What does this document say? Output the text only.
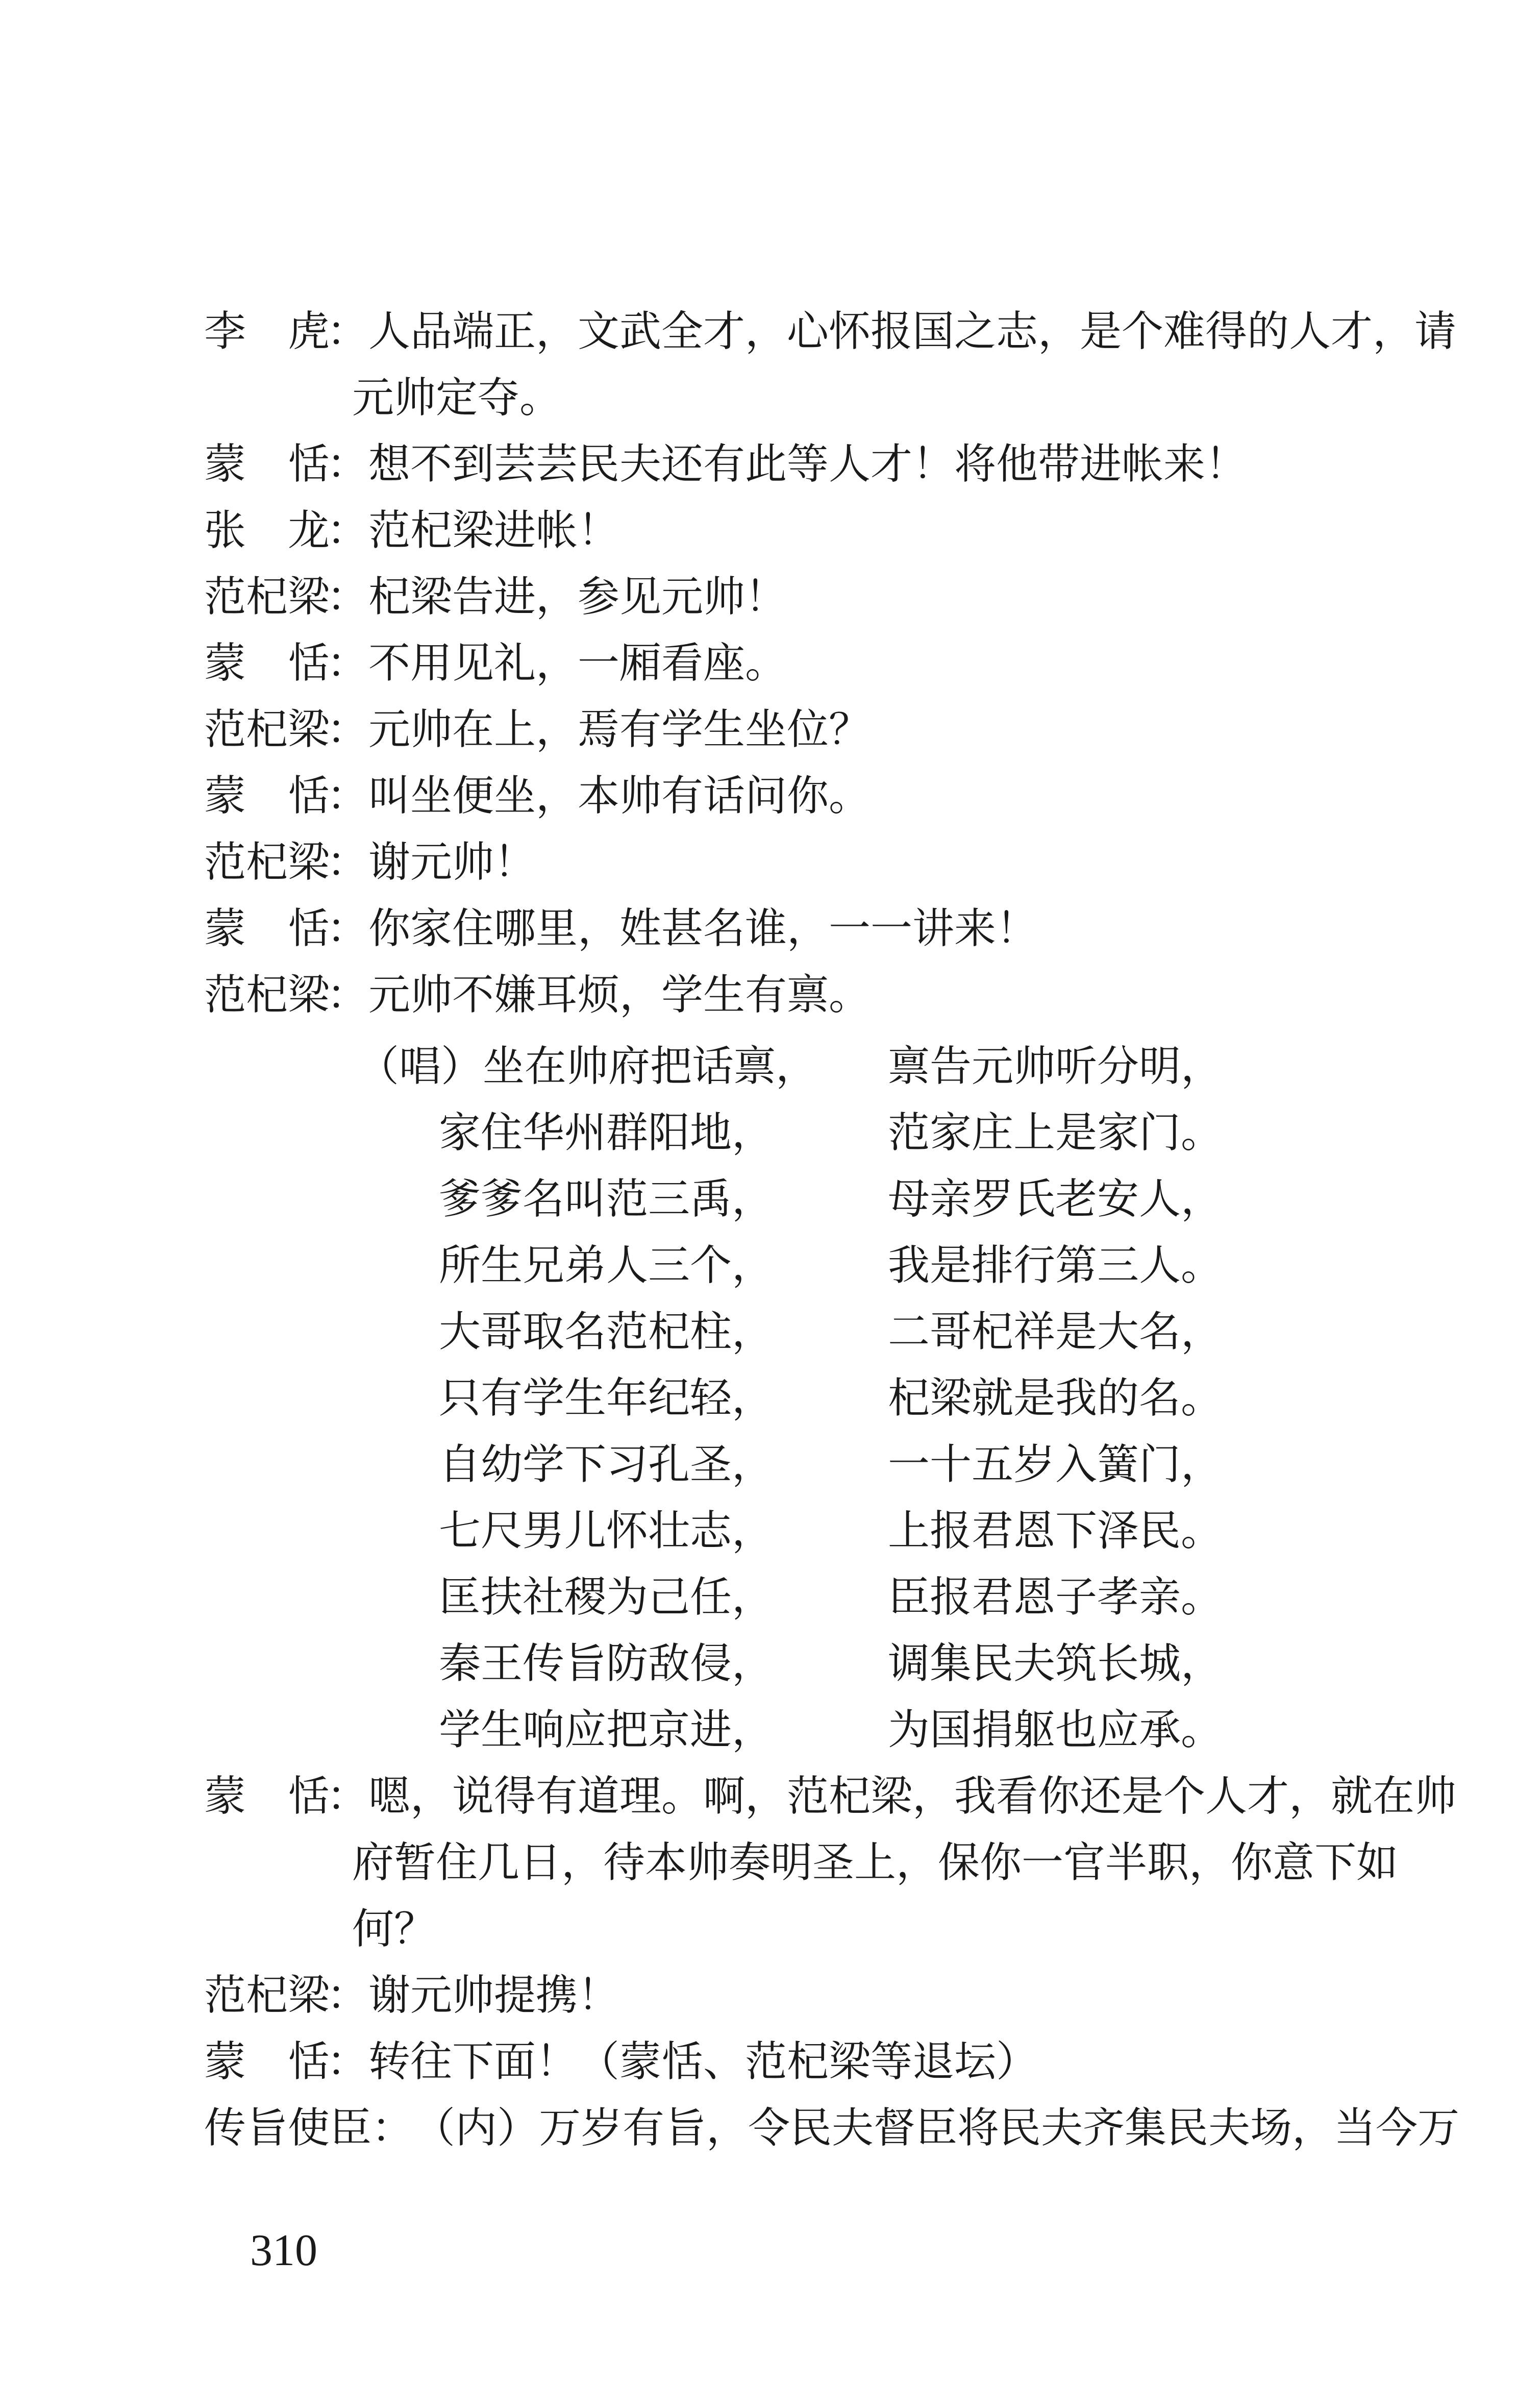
李　虎：人品端正，文武全才，心怀报国之志，是个难得的人才，请
元帅定夺。
蒙　恬：想不到芸芸民夫还有此等人才！将他带进帐来！
张　龙：范杞梁进帐！
范杞梁：杞梁告进，参见元帅！
蒙　恬：不用见礼，一厢看座。
范杞梁：元帅在上，焉有学生坐位？
蒙　恬：叫坐便坐，本帅有话问你。
范杞梁：谢元帅！
蒙　恬：你家住哪里，姓甚名谁，一一讲来！
范杞梁：元帅不嫌耳烦，学生有禀。
（唱）坐在帅府把话禀， 禀告元帅听分明，
家住华州群阳地，	范家庄上是家门。
爹爹名叫范三禹，	母亲罗氏老安人，
所生兄弟人三个，	我是排行第三人。
大哥取名范杞柱，	二哥杞祥是大名，
只有学生年纪轻，	杞梁就是我的名。
自幼学下习孔圣，	一十五岁入簧门，
七尺男儿怀壮志，	上报君恩下泽民。
匡扶社稷为己任，	臣报君恩子孝亲。
秦王传旨防敌侵，	调集民夫筑长城，
学生响应把京进，	为国捐躯也应承。
蒙　恬：嗯，说得有道理。啊，范杞梁，我看你还是个人才，就在帅
府暂住几日，待本帅奏明圣上，保你一官半职，你意下如
何？
范杞梁：谢元帅提携！
蒙　恬：转往下面！（蒙恬、范杞梁等退坛）
传旨使臣：（内）万岁有旨，令民夫督臣将民夫齐集民夫场，当今万
310
